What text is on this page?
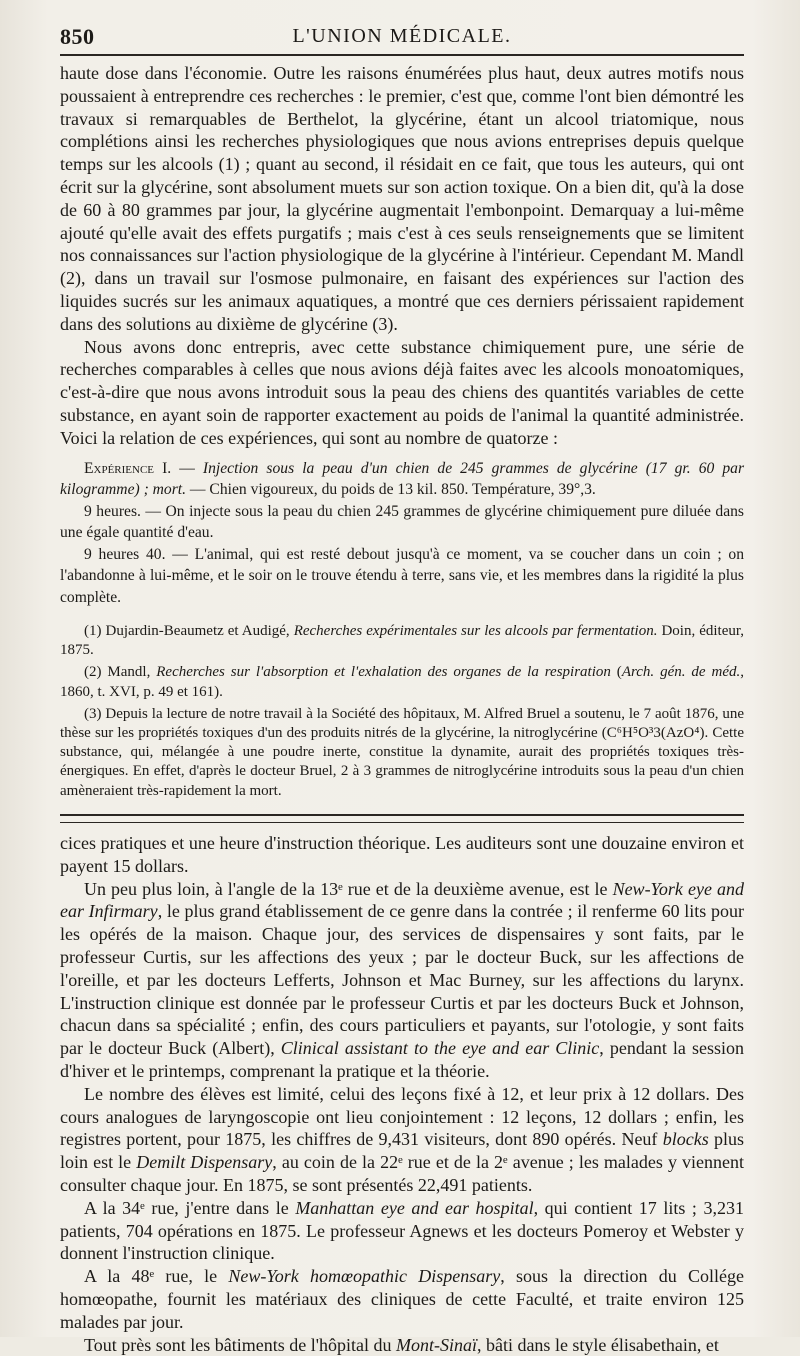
850	L'UNION MÉDICALE.

haute dose dans l'économie. Outre les raisons énumérées plus haut, deux autres motifs nous poussaient à entreprendre ces recherches : le premier, c'est que, comme l'ont bien démontré les travaux si remarquables de Berthelot, la glycérine, étant un alcool triatomique, nous complétions ainsi les recherches physiologiques que nous avions entreprises depuis quelque temps sur les alcools (1) ; quant au second, il résidait en ce fait, que tous les auteurs, qui ont écrit sur la glycérine, sont absolument muets sur son action toxique. On a bien dit, qu'à la dose de 60 à 80 grammes par jour, la glycérine augmentait l'embonpoint. Demarquay a lui-même ajouté qu'elle avait des effets purgatifs ; mais c'est à ces seuls renseignements que se limitent nos connaissances sur l'action physiologique de la glycérine à l'intérieur. Cependant M. Mandl (2), dans un travail sur l'osmose pulmonaire, en faisant des expériences sur l'action des liquides sucrés sur les animaux aquatiques, a montré que ces derniers périssaient rapidement dans des solutions au dixième de glycérine (3).

Nous avons donc entrepris, avec cette substance chimiquement pure, une série de recherches comparables à celles que nous avions déjà faites avec les alcools monoatomiques, c'est-à-dire que nous avons introduit sous la peau des chiens des quantités variables de cette substance, en ayant soin de rapporter exactement au poids de l'animal la quantité administrée. Voici la relation de ces expériences, qui sont au nombre de quatorze :

Expérience I. — Injection sous la peau d'un chien de 245 grammes de glycérine (17 gr. 60 par kilogramme) ; mort. — Chien vigoureux, du poids de 13 kil. 850. Température, 39°,3.

9 heures. — On injecte sous la peau du chien 245 grammes de glycérine chimiquement pure diluée dans une égale quantité d'eau.

9 heures 40. — L'animal, qui est resté debout jusqu'à ce moment, va se coucher dans un coin ; on l'abandonne à lui-même, et le soir on le trouve étendu à terre, sans vie, et les membres dans la rigidité la plus complète.

(1) Dujardin-Beaumetz et Audigé, Recherches expérimentales sur les alcools par fermentation. Doin, éditeur, 1875.

(2) Mandl, Recherches sur l'absorption et l'exhalation des organes de la respiration (Arch. gén. de méd., 1860, t. XVI, p. 49 et 161).

(3) Depuis la lecture de notre travail à la Société des hôpitaux, M. Alfred Bruel a soutenu, le 7 août 1876, une thèse sur les propriétés toxiques d'un des produits nitrés de la glycérine, la nitroglycérine (C⁶H⁵O³3(AzO⁴). Cette substance, qui, mélangée à une poudre inerte, constitue la dynamite, aurait des propriétés toxiques très-énergiques. En effet, d'après le docteur Bruel, 2 à 3 grammes de nitroglycérine introduits sous la peau d'un chien amèneraient très-rapidement la mort.

cices pratiques et une heure d'instruction théorique. Les auditeurs sont une douzaine environ et payent 15 dollars.

Un peu plus loin, à l'angle de la 13ᵉ rue et de la deuxième avenue, est le New-York eye and ear Infirmary, le plus grand établissement de ce genre dans la contrée ; il renferme 60 lits pour les opérés de la maison. Chaque jour, des services de dispensaires y sont faits, par le professeur Curtis, sur les affections des yeux ; par le docteur Buck, sur les affections de l'oreille, et par les docteurs Lefferts, Johnson et Mac Burney, sur les affections du larynx. L'instruction clinique est donnée par le professeur Curtis et par les docteurs Buck et Johnson, chacun dans sa spécialité ; enfin, des cours particuliers et payants, sur l'otologie, y sont faits par le docteur Buck (Albert), Clinical assistant to the eye and ear Clinic, pendant la session d'hiver et le printemps, comprenant la pratique et la théorie.

Le nombre des élèves est limité, celui des leçons fixé à 12, et leur prix à 12 dollars. Des cours analogues de laryngoscopie ont lieu conjointement : 12 leçons, 12 dollars ; enfin, les registres portent, pour 1875, les chiffres de 9,431 visiteurs, dont 890 opérés. Neuf blocks plus loin est le Demilt Dispensary, au coin de la 22ᵉ rue et de la 2ᵉ avenue ; les malades y viennent consulter chaque jour. En 1875, se sont présentés 22,491 patients.

A la 34ᵉ rue, j'entre dans le Manhattan eye and ear hospital, qui contient 17 lits ; 3,231 patients, 704 opérations en 1875. Le professeur Agnews et les docteurs Pomeroy et Webster y donnent l'instruction clinique.

A la 48ᵉ rue, le New-York homœopathic Dispensary, sous la direction du Collége homœopathe, fournit les matériaux des cliniques de cette Faculté, et traite environ 125 malades par jour.

Tout près sont les bâtiments de l'hôpital du Mont-Sinaï, bâti dans le style élisabethain, et
